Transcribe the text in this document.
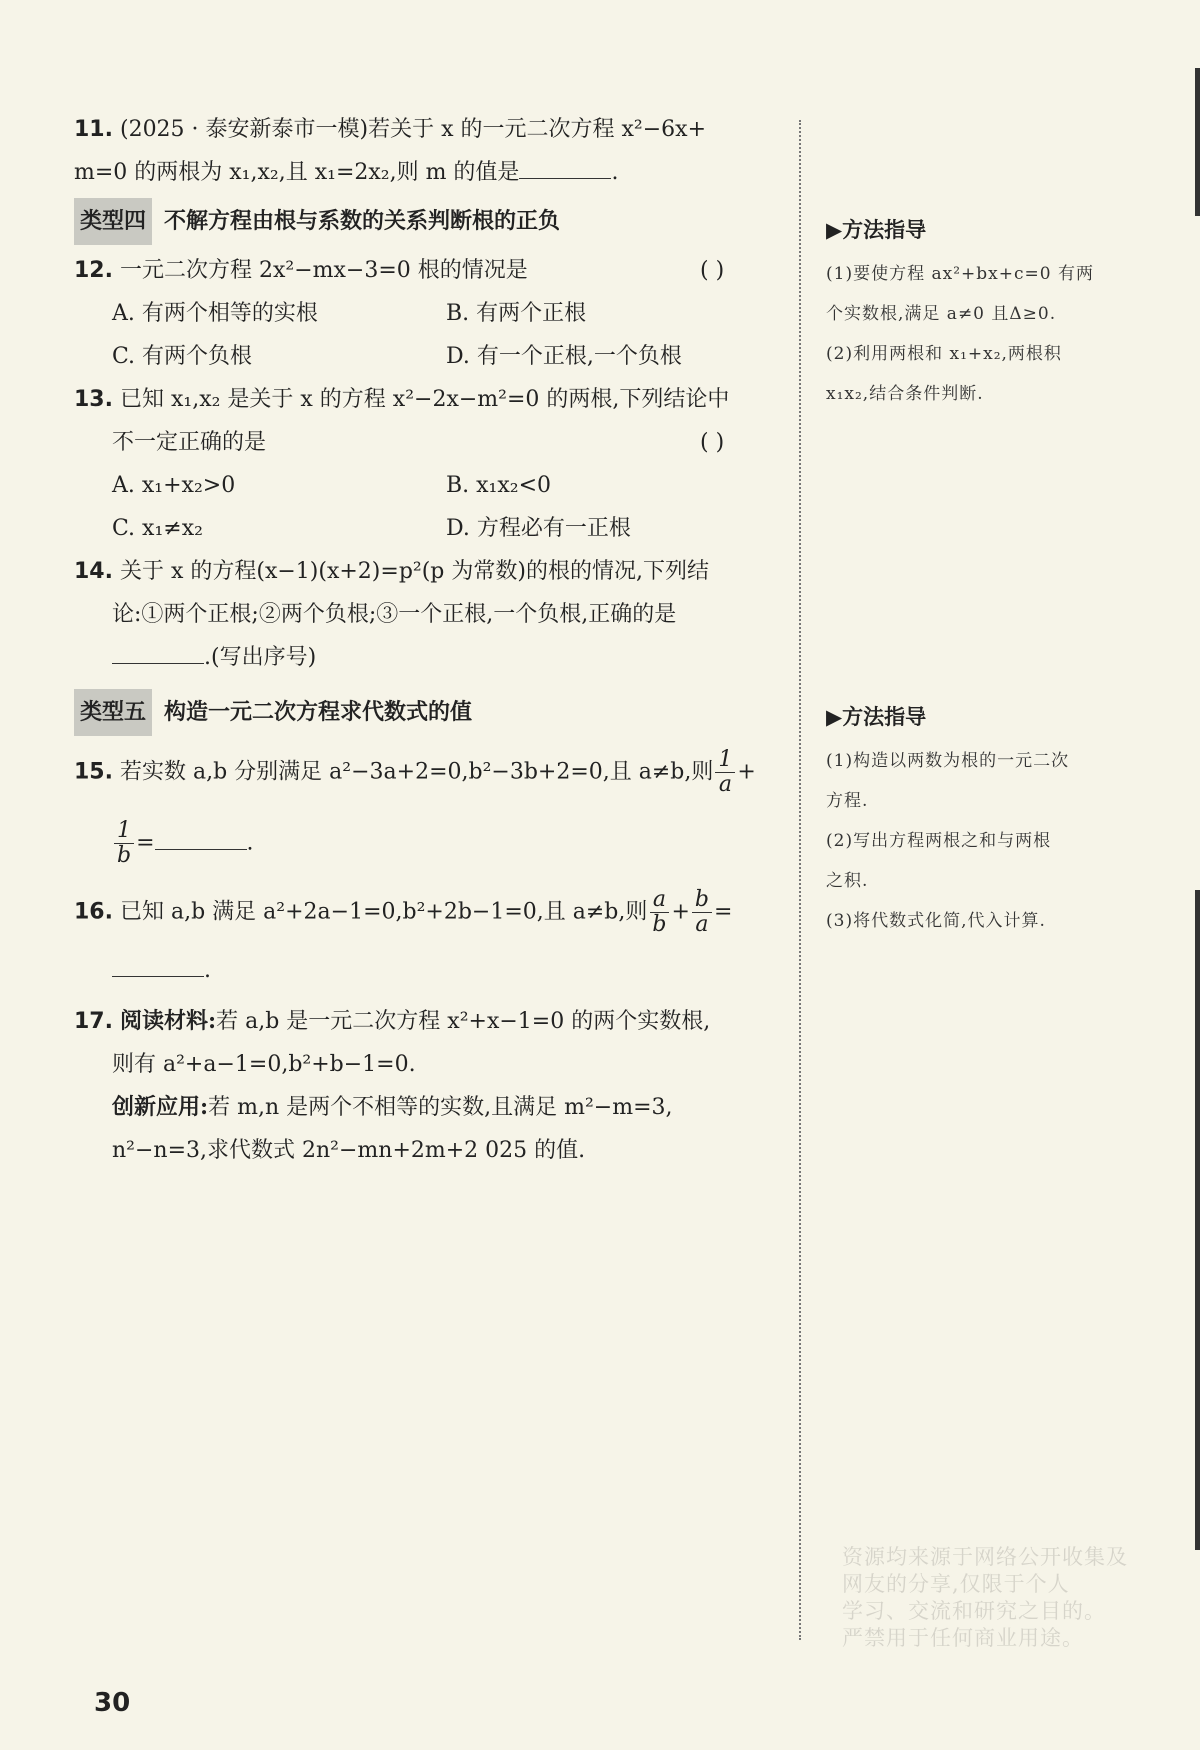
11. (2025 · 泰安新泰市一模)若关于 x 的一元二次方程 x²−6x+
m=0 的两根为 x₁,x₂,且 x₁=2x₂,则 m 的值是	.
类型四 不解方程由根与系数的关系判断根的正负
12. 一元二次方程 2x²−mx−3=0 根的情况是	( )
A. 有两个相等的实根	B. 有两个正根
C. 有两个负根	D. 有一个正根,一个负根
13. 已知 x₁,x₂ 是关于 x 的方程 x²−2x−m²=0 的两根,下列结论中
不一定正确的是	( )
A. x₁+x₂>0	B. x₁x₂<0
C. x₁≠x₂	D. 方程必有一正根
14. 关于 x 的方程(x−1)(x+2)=p²(p 为常数)的根的情况,下列结
论:①两个正根;②两个负根;③一个正根,一个负根,正确的是
.(写出序号)
类型五 构造一元二次方程求代数式的值
15. 若实数 a,b 分别满足 a²−3a+2=0,b²−3b+2=0,且 a≠b,则 $\frac{1}{a}$ +
$\frac{1}{b}$ =	.
16. 已知 a,b 满足 a²+2a−1=0,b²+2b−1=0,且 a≠b,则 $\frac{a}{b} + \frac{b}{a}$ =
.
17. 阅读材料:若 a,b 是一元二次方程 x²+x−1=0 的两个实数根,
则有 a²+a−1=0,b²+b−1=0.
创新应用:若 m,n 是两个不相等的实数,且满足 m²−m=3,
n²−n=3,求代数式 2n²−mn+2m+2 025 的值.
▶方法指导
(1)要使方程 ax²+bx+c=0 有两
个实数根,满足 a≠0 且Δ≥0.
(2)利用两根和 x₁+x₂,两根积
x₁x₂,结合条件判断.
▶方法指导
(1)构造以两数为根的一元二次
方程.
(2)写出方程两根之和与两根
之积.
(3)将代数式化简,代入计算.
资源均来源于网络公开收集及
网友的分享,仅限于个人
学习、交流和研究之目的。
严禁用于任何商业用途。
30
